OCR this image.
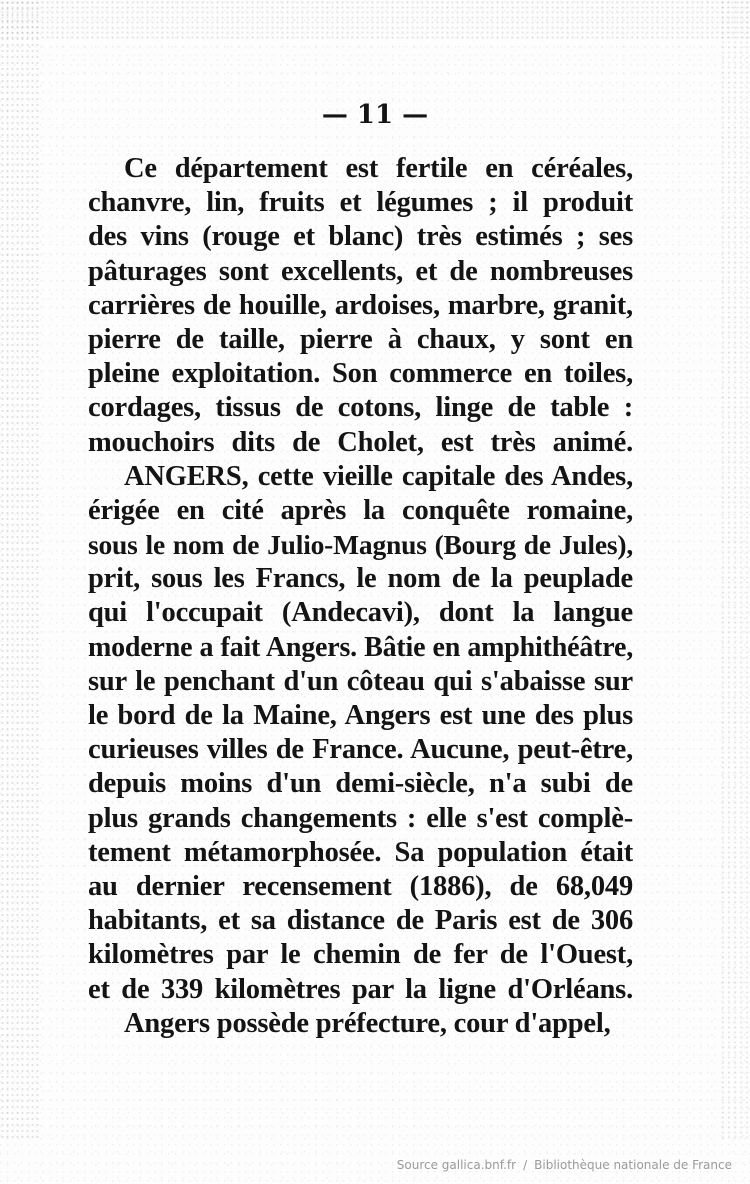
— 11 —
Ce département est fertile en céréales,
chanvre, lin, fruits et légumes ; il produit
des vins (rouge et blanc) très estimés ; ses
pâturages sont excellents, et de nombreuses
carrières de houille, ardoises, marbre, granit,
pierre de taille, pierre à chaux, y sont en
pleine exploitation. Son commerce en toiles,
cordages, tissus de cotons, linge de table :
mouchoirs dits de Cholet, est très animé.
ANGERS, cette vieille capitale des Andes,
érigée en cité après la conquête romaine,
sous le nom de Julio-Magnus (Bourg de Jules),
prit, sous les Francs, le nom de la peuplade
qui l'occupait (Andecavi), dont la langue
moderne a fait Angers. Bâtie en amphithéâtre,
sur le penchant d'un côteau qui s'abaisse sur
le bord de la Maine, Angers est une des plus
curieuses villes de France. Aucune, peut-être,
depuis moins d'un demi-siècle, n'a subi de
plus grands changements : elle s'est complè-
tement métamorphosée. Sa population était
au dernier recensement (1886), de 68,049
habitants, et sa distance de Paris est de 306
kilomètres par le chemin de fer de l'Ouest,
et de 339 kilomètres par la ligne d'Orléans.
Angers possède préfecture, cour d'appel,
Source gallica.bnf.fr / Bibliothèque nationale de France
